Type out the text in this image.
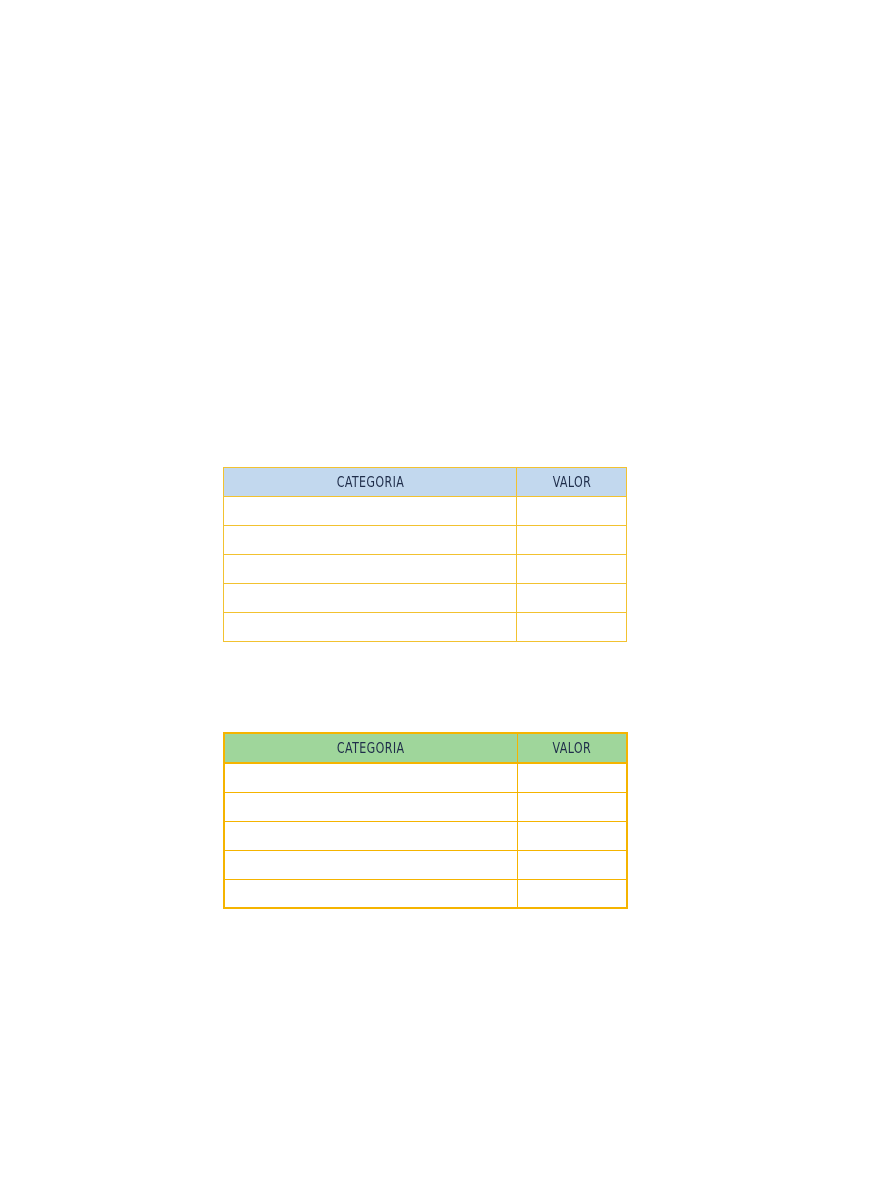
CATEGORIA	VALOR

CATEGORIA	VALOR
